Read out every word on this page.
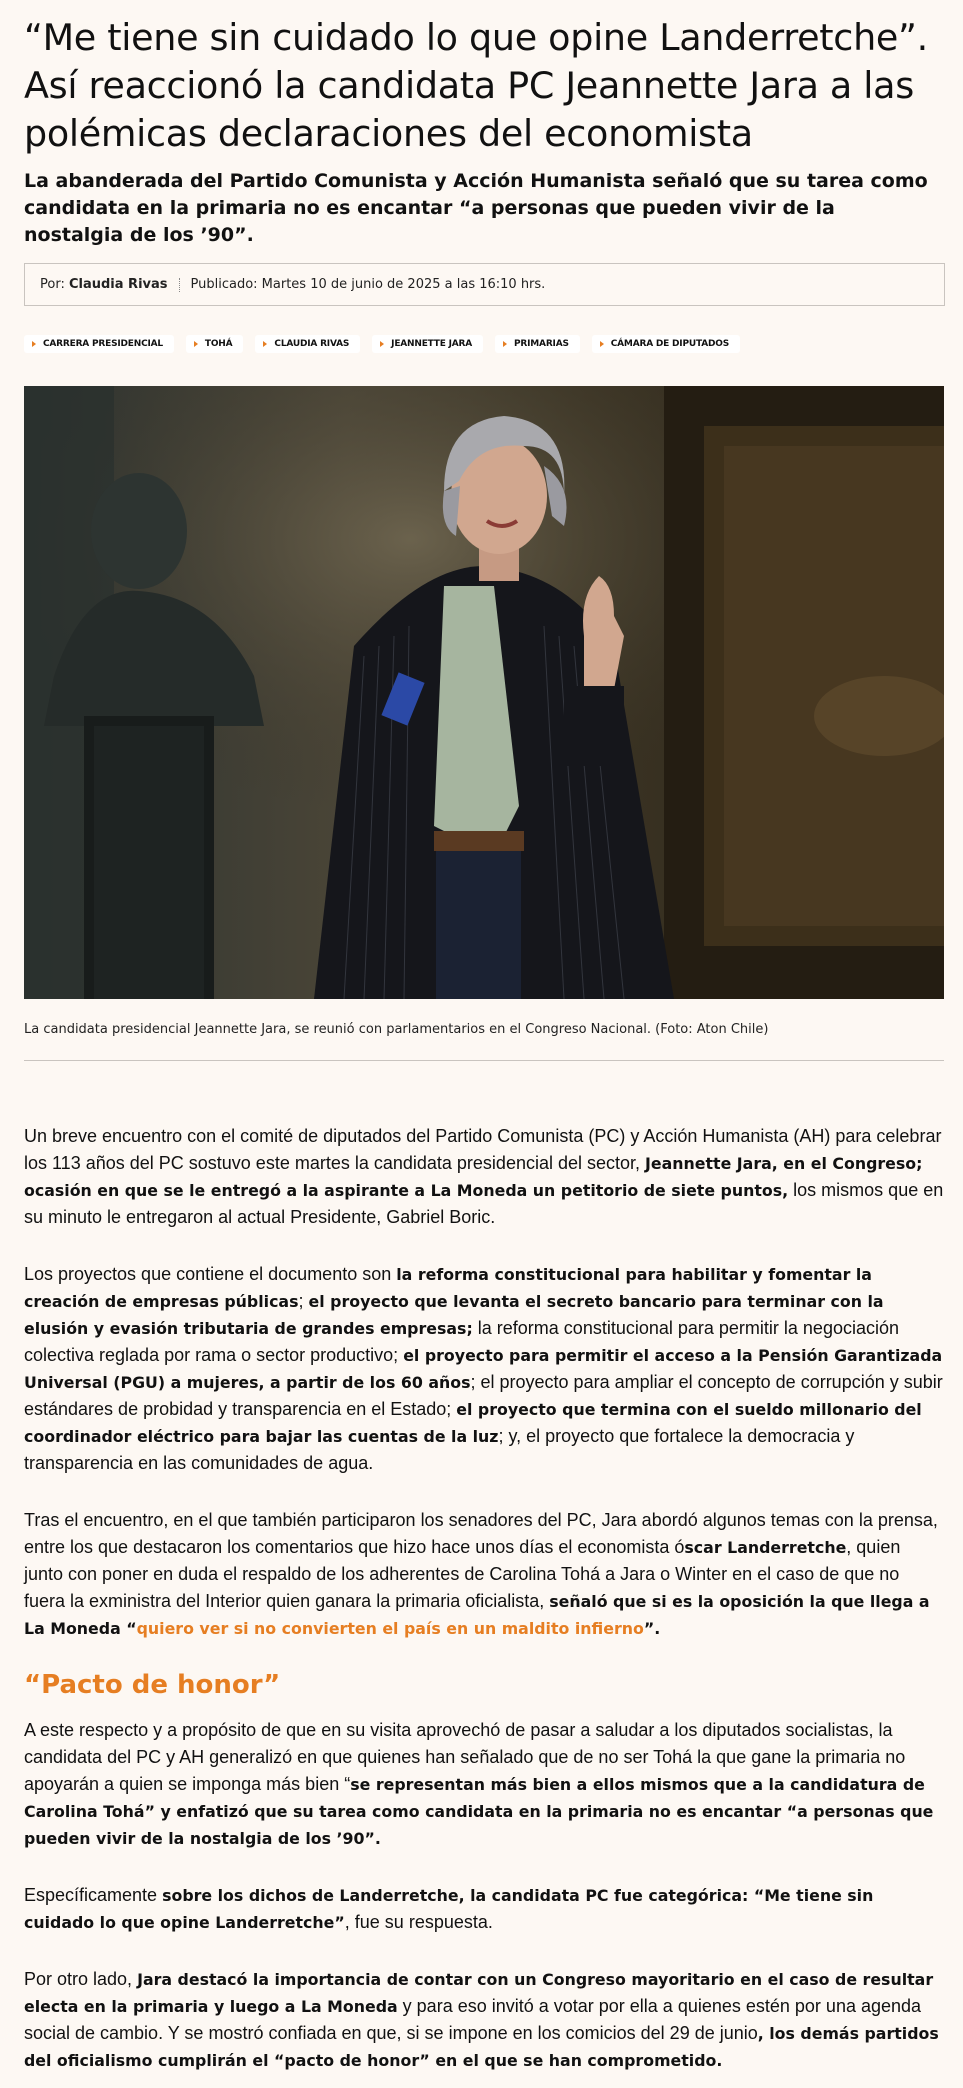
“Me tiene sin cuidado lo que opine Landerretche”. Así reaccionó la candidata PC Jeannette Jara a las polémicas declaraciones del economista
La abanderada del Partido Comunista y Acción Humanista señaló que su tarea como candidata en la primaria no es encantar “a personas que pueden vivir de la nostalgia de los ’90”.
Por:
Claudia Rivas Publicado: Martes 10 de junio de 2025 a las 16:10 hrs.
CARRERA PRESIDENCIAL	TOHÁ	CLAUDIA RIVAS	JEANNETTE JARA	PRIMARIAS	CÁMARA DE DIPUTADOS

La candidata presidencial Jeannette Jara, se reunió con parlamentarios en el Congreso Nacional. (Foto: Aton Chile)

Un breve encuentro con el comité de diputados del Partido Comunista (PC) y Acción Humanista (AH) para celebrar los 113 años del PC sostuvo este martes la candidata presidencial del sector, Jeannette Jara, en el Congreso; ocasión en que se le entregó a la aspirante a La Moneda un petitorio de siete puntos, los mismos que en su minuto le entregaron al actual Presidente, Gabriel Boric.

Los proyectos que contiene el documento son la reforma constitucional para habilitar y fomentar la creación de empresas públicas; el proyecto que levanta el secreto bancario para terminar con la elusión y evasión tributaria de grandes empresas; la reforma constitucional para permitir la negociación colectiva reglada por rama o sector productivo; el proyecto para permitir el acceso a la Pensión Garantizada Universal (PGU) a mujeres, a partir de los 60 años; el proyecto para ampliar el concepto de corrupción y subir estándares de probidad y transparencia en el Estado; el proyecto que termina con el sueldo millonario del coordinador eléctrico para bajar las cuentas de la luz; y, el proyecto que fortalece la democracia y transparencia en las comunidades de agua.

Tras el encuentro, en el que también participaron los senadores del PC, Jara abordó algunos temas con la prensa, entre los que destacaron los comentarios que hizo hace unos días el economista óscar Landerretche, quien junto con poner en duda el respaldo de los adherentes de Carolina Tohá a Jara o Winter en el caso de que no fuera la exministra del Interior quien ganara la primaria oficialista, señaló que si es la oposición la que llega a La Moneda “quiero ver si no convierten el país en un maldito infierno”.

“Pacto de honor”

A este respecto y a propósito de que en su visita aprovechó de pasar a saludar a los diputados socialistas, la candidata del PC y AH generalizó en que quienes han señalado que de no ser Tohá la que gane la primaria no apoyarán a quien se imponga más bien “se representan más bien a ellos mismos que a la candidatura de Carolina Tohá” y enfatizó que su tarea como candidata en la primaria no es encantar “a personas que pueden vivir de la nostalgia de los ’90”.

Específicamente sobre los dichos de Landerretche, la candidata PC fue categórica: “Me tiene sin cuidado lo que opine Landerretche”, fue su respuesta.

Por otro lado, Jara destacó la importancia de contar con un Congreso mayoritario en el caso de resultar electa en la primaria y luego a La Moneda y para eso invitó a votar por ella a quienes estén por una agenda social de cambio. Y se mostró confiada en que, si se impone en los comicios del 29 de junio, los demás partidos del oficialismo cumplirán el “pacto de honor” en el que se han comprometido.
